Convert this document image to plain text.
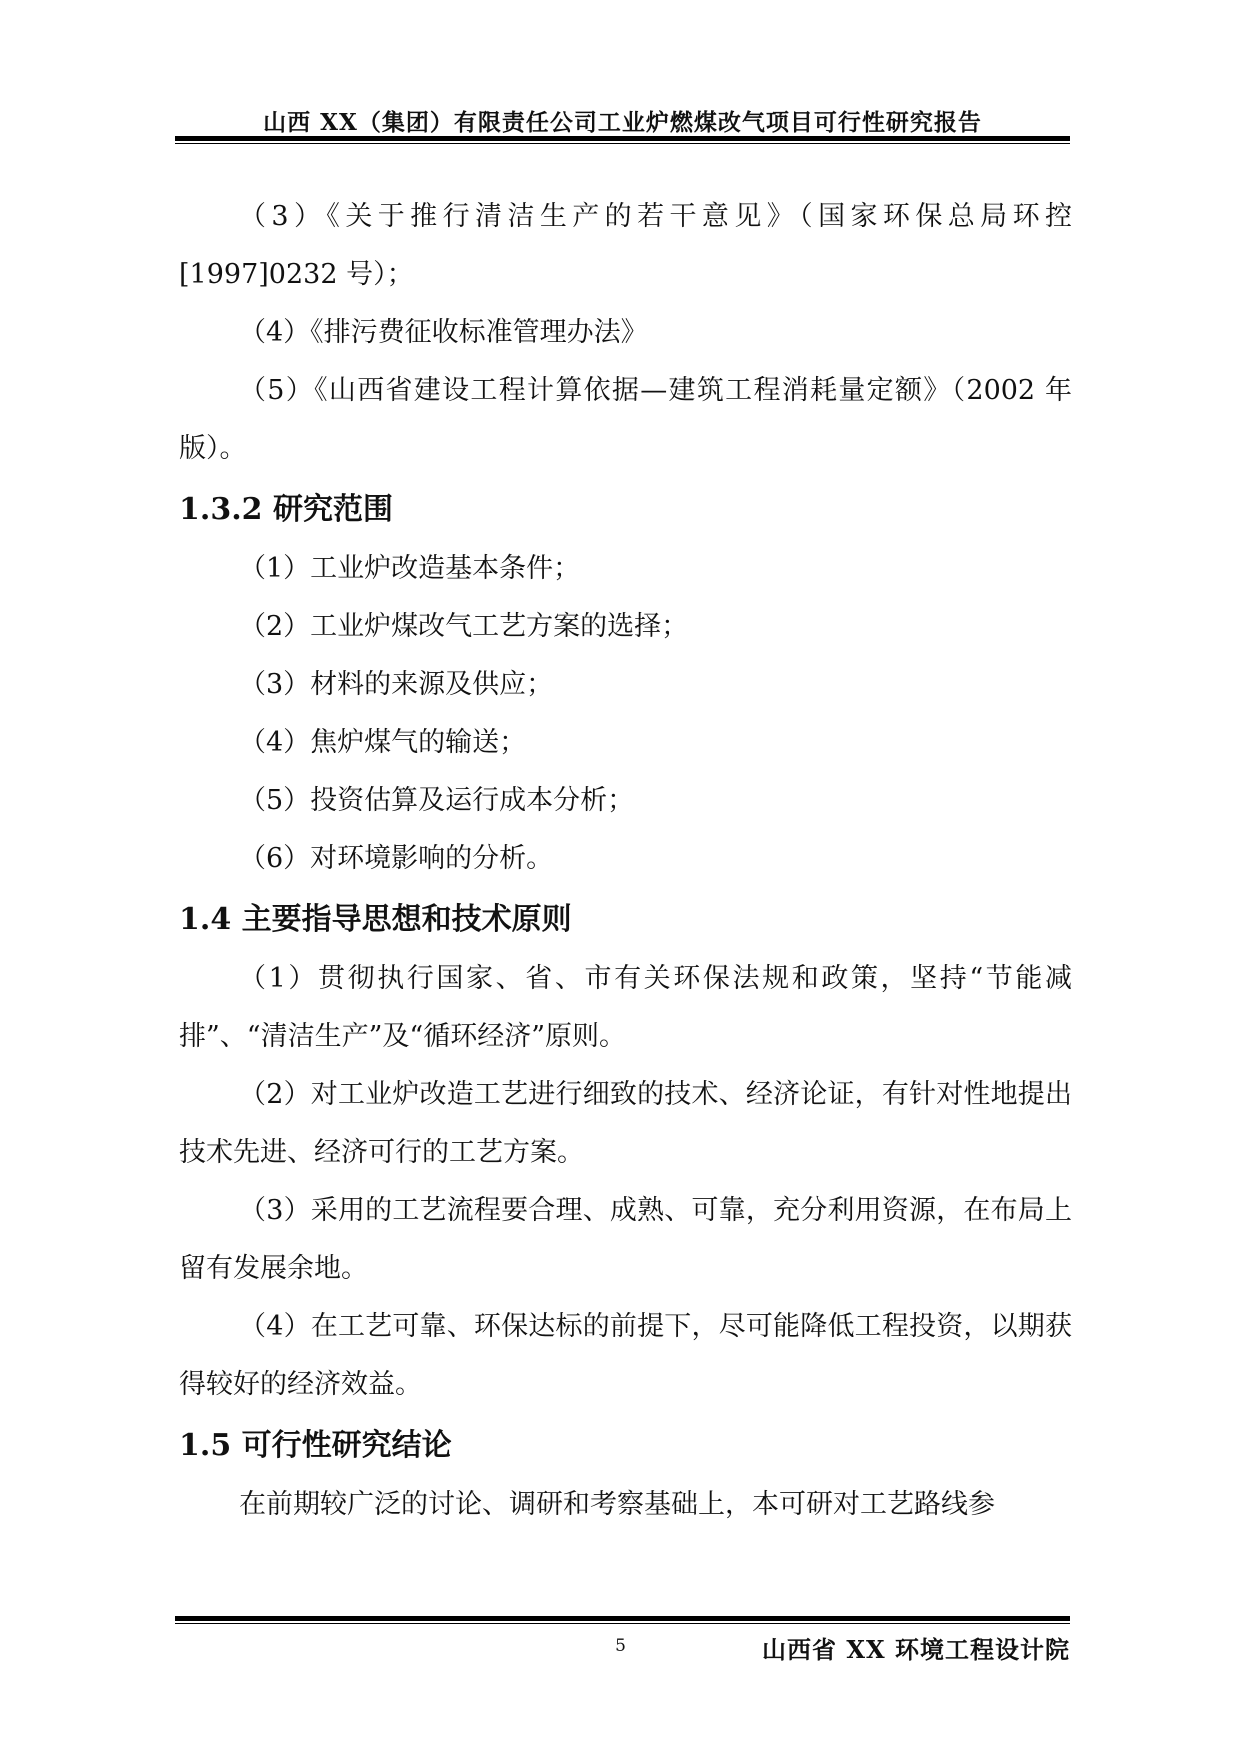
山西 XX（集团）有限责任公司工业炉燃煤改气项目可行性研究报告

（3）《关于推行清洁生产的若干意见》（国家环保总局环控[1997]0232 号）；

（4）《排污费征收标准管理办法》

（5）《山西省建设工程计算依据—建筑工程消耗量定额》（2002 年版）。

1.3.2 研究范围

（1）工业炉改造基本条件；

（2）工业炉煤改气工艺方案的选择；

（3）材料的来源及供应；

（4）焦炉煤气的输送；

（5）投资估算及运行成本分析；

（6）对环境影响的分析。

1.4 主要指导思想和技术原则

（1）贯彻执行国家、省、市有关环保法规和政策，坚持“节能减排”、“清洁生产”及“循环经济”原则。

（2）对工业炉改造工艺进行细致的技术、经济论证，有针对性地提出技术先进、经济可行的工艺方案。

（3）采用的工艺流程要合理、成熟、可靠，充分利用资源，在布局上留有发展余地。

（4）在工艺可靠、环保达标的前提下，尽可能降低工程投资，以期获得较好的经济效益。

1.5 可行性研究结论

在前期较广泛的讨论、调研和考察基础上，本可研对工艺路线参

5	山西省 XX 环境工程设计院
